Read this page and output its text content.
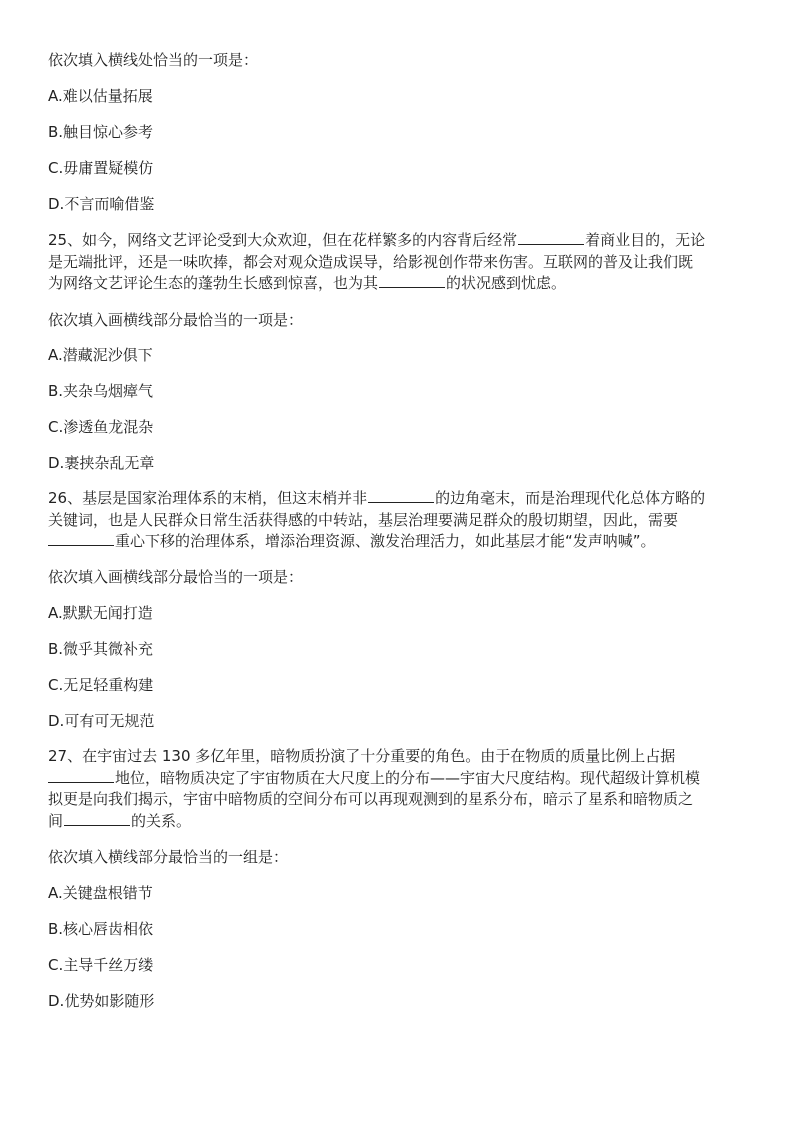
依次填入横线处恰当的一项是：
A.难以估量拓展
B.触目惊心参考
C.毋庸置疑模仿
D.不言而喻借鉴
25、如今，网络文艺评论受到大众欢迎，但在花样繁多的内容背后经常	着商业目的，无论
是无端批评，还是一味吹捧，都会对观众造成误导，给影视创作带来伤害。互联网的普及让我们既
为网络文艺评论生态的蓬勃生长感到惊喜，也为其	的状况感到忧虑。
依次填入画横线部分最恰当的一项是：
A.潜藏泥沙俱下
B.夹杂乌烟瘴气
C.渗透鱼龙混杂
D.裹挟杂乱无章
26、基层是国家治理体系的末梢，但这末梢并非	的边角毫末，而是治理现代化总体方略的
关键词，也是人民群众日常生活获得感的中转站，基层治理要满足群众的殷切期望，因此，需要
重心下移的治理体系，增添治理资源、激发治理活力，如此基层才能“发声呐喊”。
依次填入画横线部分最恰当的一项是：
A.默默无闻打造
B.微乎其微补充
C.无足轻重构建
D.可有可无规范
27、在宇宙过去 130 多亿年里，暗物质扮演了十分重要的角色。由于在物质的质量比例上占据
地位，暗物质决定了宇宙物质在大尺度上的分布——宇宙大尺度结构。现代超级计算机模
拟更是向我们揭示，宇宙中暗物质的空间分布可以再现观测到的星系分布，暗示了星系和暗物质之
间	的关系。
依次填入横线部分最恰当的一组是：
A.关键盘根错节
B.核心唇齿相依
C.主导千丝万缕
D.优势如影随形
